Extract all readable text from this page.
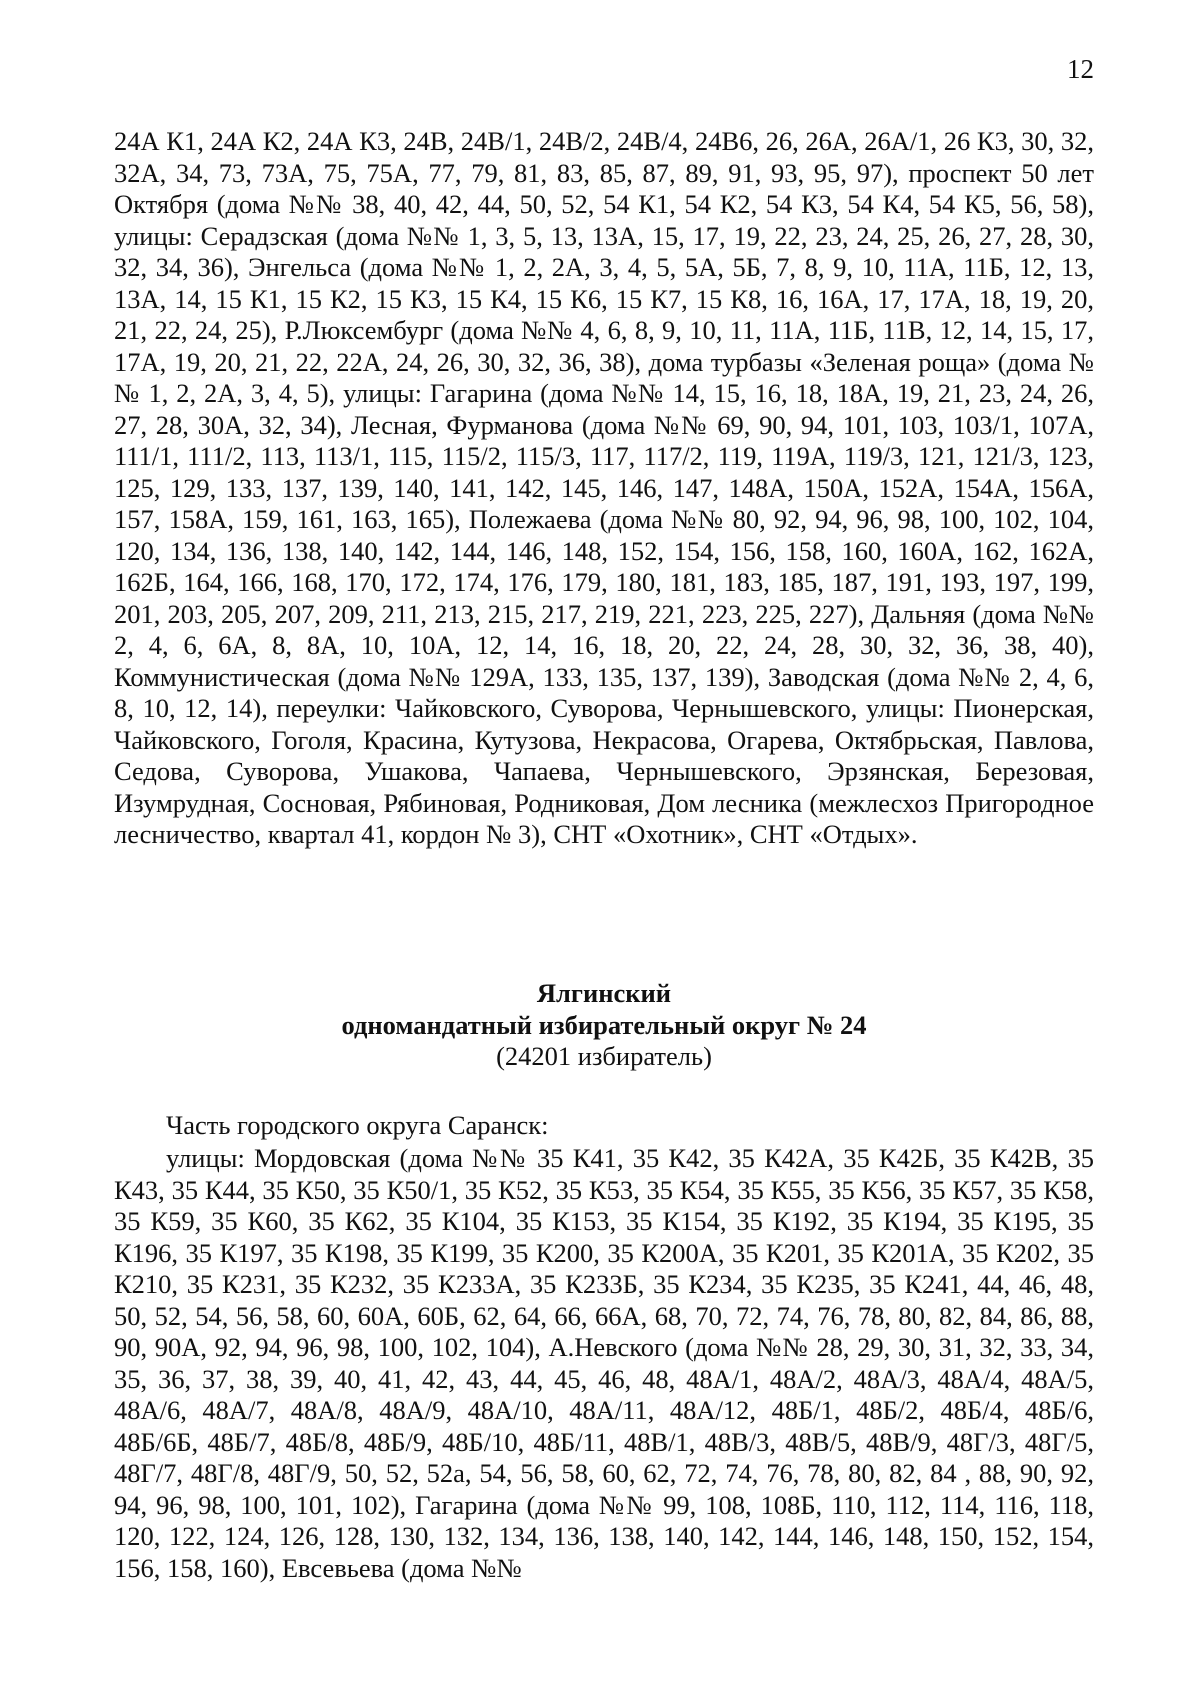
12

24А К1, 24А К2, 24А К3, 24В, 24В/1, 24В/2, 24В/4, 24В6, 26, 26А, 26А/1, 26 К3, 30, 32, 32А, 34, 73, 73А, 75, 75А, 77, 79, 81, 83, 85, 87, 89, 91, 93, 95, 97), проспект 50 лет Октября (дома №№ 38, 40, 42, 44, 50, 52, 54 К1, 54 К2, 54 К3, 54 К4, 54 К5, 56, 58), улицы: Серадзская (дома №№ 1, 3, 5, 13, 13А, 15, 17, 19, 22, 23, 24, 25, 26, 27, 28, 30, 32, 34, 36), Энгельса (дома №№ 1, 2, 2А, 3, 4, 5, 5А, 5Б, 7, 8, 9, 10, 11А, 11Б, 12, 13, 13А, 14, 15 К1, 15 К2, 15 К3, 15 К4, 15 К6, 15 К7, 15 К8, 16, 16А, 17, 17А, 18, 19, 20, 21, 22, 24, 25), Р.Люксембург (дома №№ 4, 6, 8, 9, 10, 11, 11А, 11Б, 11В, 12, 14, 15, 17, 17А, 19, 20, 21, 22, 22А, 24, 26, 30, 32, 36, 38), дома турбазы «Зеленая роща» (дома №№ 1, 2, 2А, 3, 4, 5), улицы: Гагарина (дома №№ 14, 15, 16, 18, 18А, 19, 21, 23, 24, 26, 27, 28, 30А, 32, 34), Лесная, Фурманова (дома №№ 69, 90, 94, 101, 103, 103/1, 107А, 111/1, 111/2, 113, 113/1, 115, 115/2, 115/3, 117, 117/2, 119, 119А, 119/3, 121, 121/3, 123, 125, 129, 133, 137, 139, 140, 141, 142, 145, 146, 147, 148А, 150А, 152А, 154А, 156А, 157, 158А, 159, 161, 163, 165), Полежаева (дома №№ 80, 92, 94, 96, 98, 100, 102, 104, 120, 134, 136, 138, 140, 142, 144, 146, 148, 152, 154, 156, 158, 160, 160А, 162, 162А, 162Б, 164, 166, 168, 170, 172, 174, 176, 179, 180, 181, 183, 185, 187, 191, 193, 197, 199, 201, 203, 205, 207, 209, 211, 213, 215, 217, 219, 221, 223, 225, 227), Дальняя (дома №№ 2, 4, 6, 6А, 8, 8А, 10, 10А, 12, 14, 16, 18, 20, 22, 24, 28, 30, 32, 36, 38, 40), Коммунистическая (дома №№ 129А, 133, 135, 137, 139), Заводская (дома №№ 2, 4, 6, 8, 10, 12, 14), переулки: Чайковского, Суворова, Чернышевского, улицы: Пионерская, Чайковского, Гоголя, Красина, Кутузова, Некрасова, Огарева, Октябрьская, Павлова, Седова, Суворова, Ушакова, Чапаева, Чернышевского, Эрзянская, Березовая, Изумрудная, Сосновая, Рябиновая, Родниковая, Дом лесника (межлесхоз Пригородное лесничество, квартал 41, кордон № 3), СНТ «Охотник», СНТ «Отдых».

Ялгинский
одномандатный избирательный округ № 24
(24201 избиратель)
Часть городского округа Саранск:

улицы: Мордовская (дома №№ 35 К41, 35 К42, 35 К42А, 35 К42Б, 35 К42В, 35 К43, 35 К44, 35 К50, 35 К50/1, 35 К52, 35 К53, 35 К54, 35 К55, 35 К56, 35 К57, 35 К58, 35 К59, 35 К60, 35 К62, 35 К104, 35 К153, 35 К154, 35 К192, 35 К194, 35 К195, 35 К196, 35 К197, 35 К198, 35 К199, 35 К200, 35 К200А, 35 К201, 35 К201А, 35 К202, 35 К210, 35 К231, 35 К232, 35 К233А, 35 К233Б, 35 К234, 35 К235, 35 К241, 44, 46, 48, 50, 52, 54, 56, 58, 60, 60А, 60Б, 62, 64, 66, 66А, 68, 70, 72, 74, 76, 78, 80, 82, 84, 86, 88, 90, 90А, 92, 94, 96, 98, 100, 102, 104), А.Невского (дома №№ 28, 29, 30, 31, 32, 33, 34, 35, 36, 37, 38, 39, 40, 41, 42, 43, 44, 45, 46, 48, 48А/1, 48А/2, 48А/3, 48А/4, 48А/5, 48А/6, 48А/7, 48А/8, 48А/9, 48А/10, 48А/11, 48А/12, 48Б/1, 48Б/2, 48Б/4, 48Б/6, 48Б/6Б, 48Б/7, 48Б/8, 48Б/9, 48Б/10, 48Б/11, 48В/1, 48В/3, 48В/5, 48В/9, 48Г/3, 48Г/5, 48Г/7, 48Г/8, 48Г/9, 50, 52, 52а, 54, 56, 58, 60, 62, 72, 74, 76, 78, 80, 82, 84 , 88, 90, 92, 94, 96, 98, 100, 101, 102), Гагарина (дома №№ 99, 108, 108Б, 110, 112, 114, 116, 118, 120, 122, 124, 126, 128, 130, 132, 134, 136, 138, 140, 142, 144, 146, 148, 150, 152, 154, 156, 158, 160), Евсевьева (дома №№
